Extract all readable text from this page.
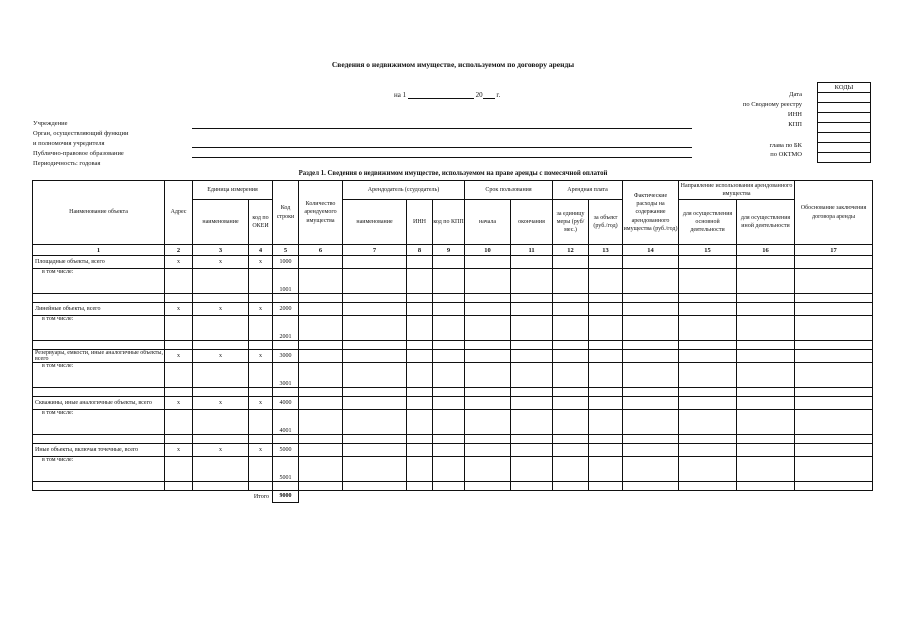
Сведения о недвижимом имуществе, используемом по договору аренды
на 1	20 г.
КОДЫ

Дата
по Сводному реестру
ИНН
КПП
глава по БК
по ОКТМО
Учреждение
Орган, осуществляющий функции
и полномочия учредителя
Публично-правовое образование
Периодичность: годовая
Раздел 1. Сведения о недвижимом имуществе, используемом на праве аренды с помесячной оплатой
Наименование объекта	Адрес	Единица измерения		Код строки	Количество арендуемого имущества	Арендодатель (ссудодатель)			Срок пользования		Арендная плата		Фактические расходы на содержание арендованного имущества (руб./год)	Направление использования арендованного имущества		Обоснование заключения договора аренды
		наименование	код по ОКЕИ			наименование	ИНН	код по КПП	начала	окончания	за единицу меры (руб/мес.)	за объект (руб./год)		для осуществления основной деятельности	для осуществления иной деятельности	
1	2	3	4	5	6	7	8	9	10	11	12	13	14	15	16	17
Площадные объекты, всего	х	х	х	1000												
в том числе:				1001												

Линейные объекты, всего	х	х	х	2000												
в том числе:				2001												

Резервуары, емкости, иные аналогичные объекты, всего	х	х	х	3000												
в том числе:				3001												

Скважины, иные аналогичные объекты, всего	х	х	х	4000												
в том числе:				4001												

Иные объекты, включая точечные, всего	х	х	х	5000												
в том числе:				5001												

Итого				9000												
